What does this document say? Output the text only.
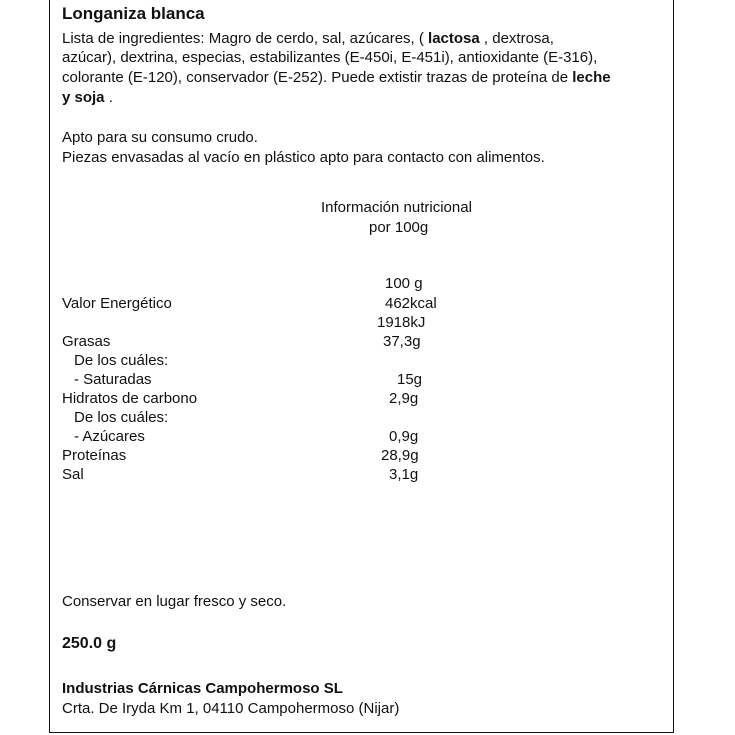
Longaniza blanca
Lista de ingredientes: Magro de cerdo, sal, azúcares, ( lactosa , dextrosa,
azúcar), dextrina, especias, estabilizantes (E-450i, E-451i), antioxidante (E-316),
colorante (E-120), conservador (E-252). Puede extistir trazas de proteína de leche
y soja .
Apto para su consumo crudo.
Piezas envasadas al vacío en plástico apto para contacto con alimentos.
Información nutricional
por 100g
100 g
Valor Energético	462kcal
1918kJ
Grasas	37,3g
De los cuáles:
- Saturadas	15g
Hidratos de carbono	2,9g
De los cuáles:
- Azúcares	0,9g
Proteínas	28,9g
Sal	3,1g
Conservar en lugar fresco y seco.
250.0 g
Industrias Cárnicas Campohermoso SL
Crta. De Iryda Km 1, 04110 Campohermoso (Nijar)
